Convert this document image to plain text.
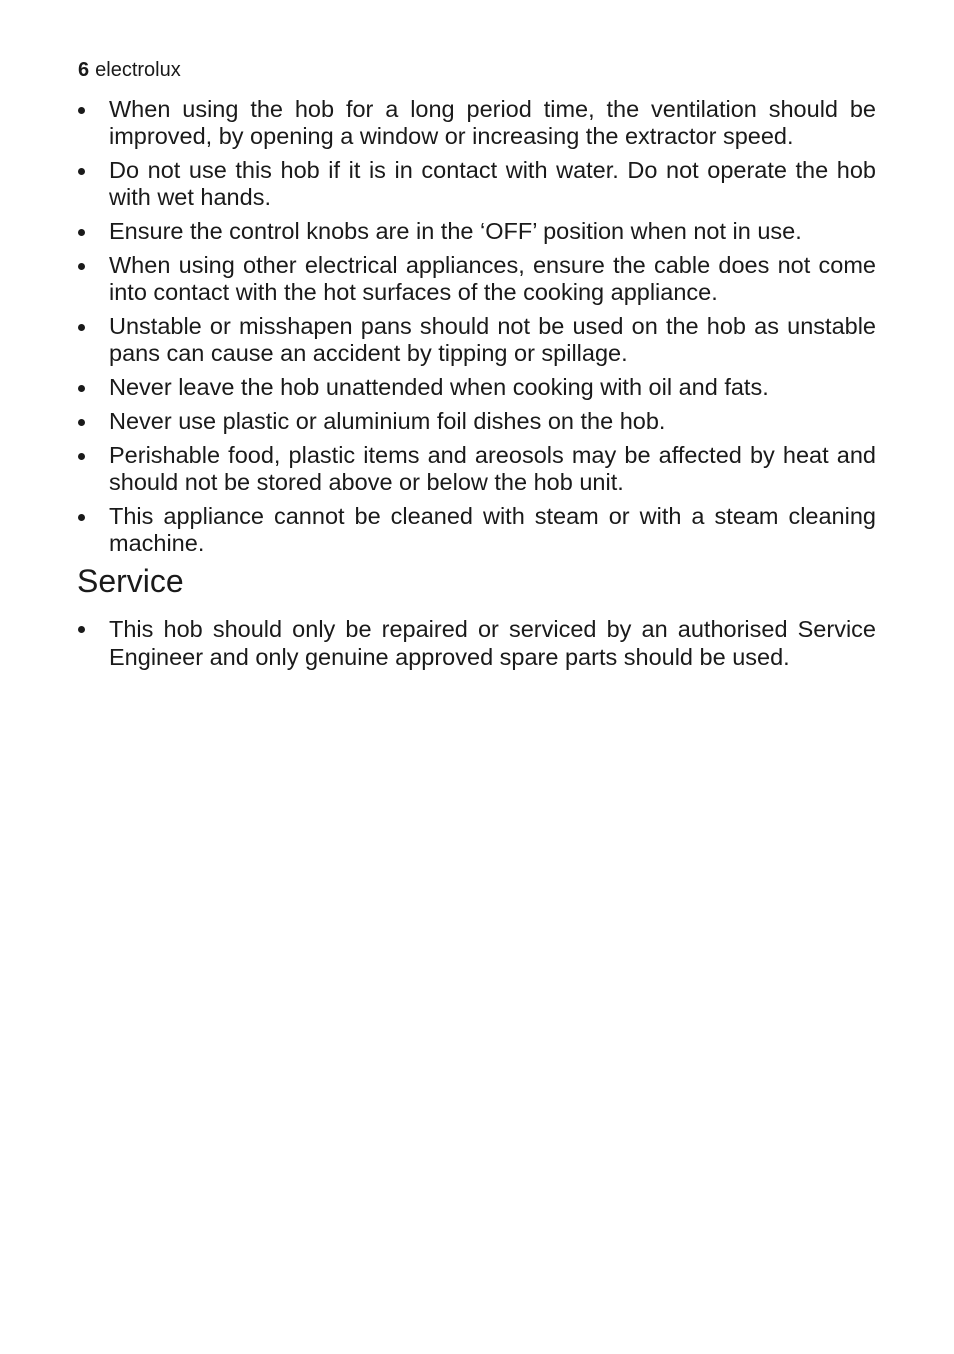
6 electrolux
When using the hob for a long period time, the ventilation should be improved, by opening a window or increasing the extractor speed.
Do not use this hob if it is in contact with water. Do not operate the hob with wet hands.
Ensure the control knobs are in the ‘OFF’ position when not in use.
When using other electrical appliances, ensure the cable does not come into contact with the hot surfaces of the cooking appliance.
Unstable or misshapen pans should not be used on the hob as unstable pans can cause an accident by tipping or spillage.
Never leave the hob unattended when cooking with oil and fats.
Never use plastic or aluminium foil dishes on the hob.
Perishable food, plastic items and areosols may be affected by heat and should not be stored above or below the hob unit.
This appliance cannot be cleaned with steam or with a steam cleaning machine.
Service
This hob should only be repaired or serviced by an authorised Service Engineer and only genuine approved spare parts should be used.
